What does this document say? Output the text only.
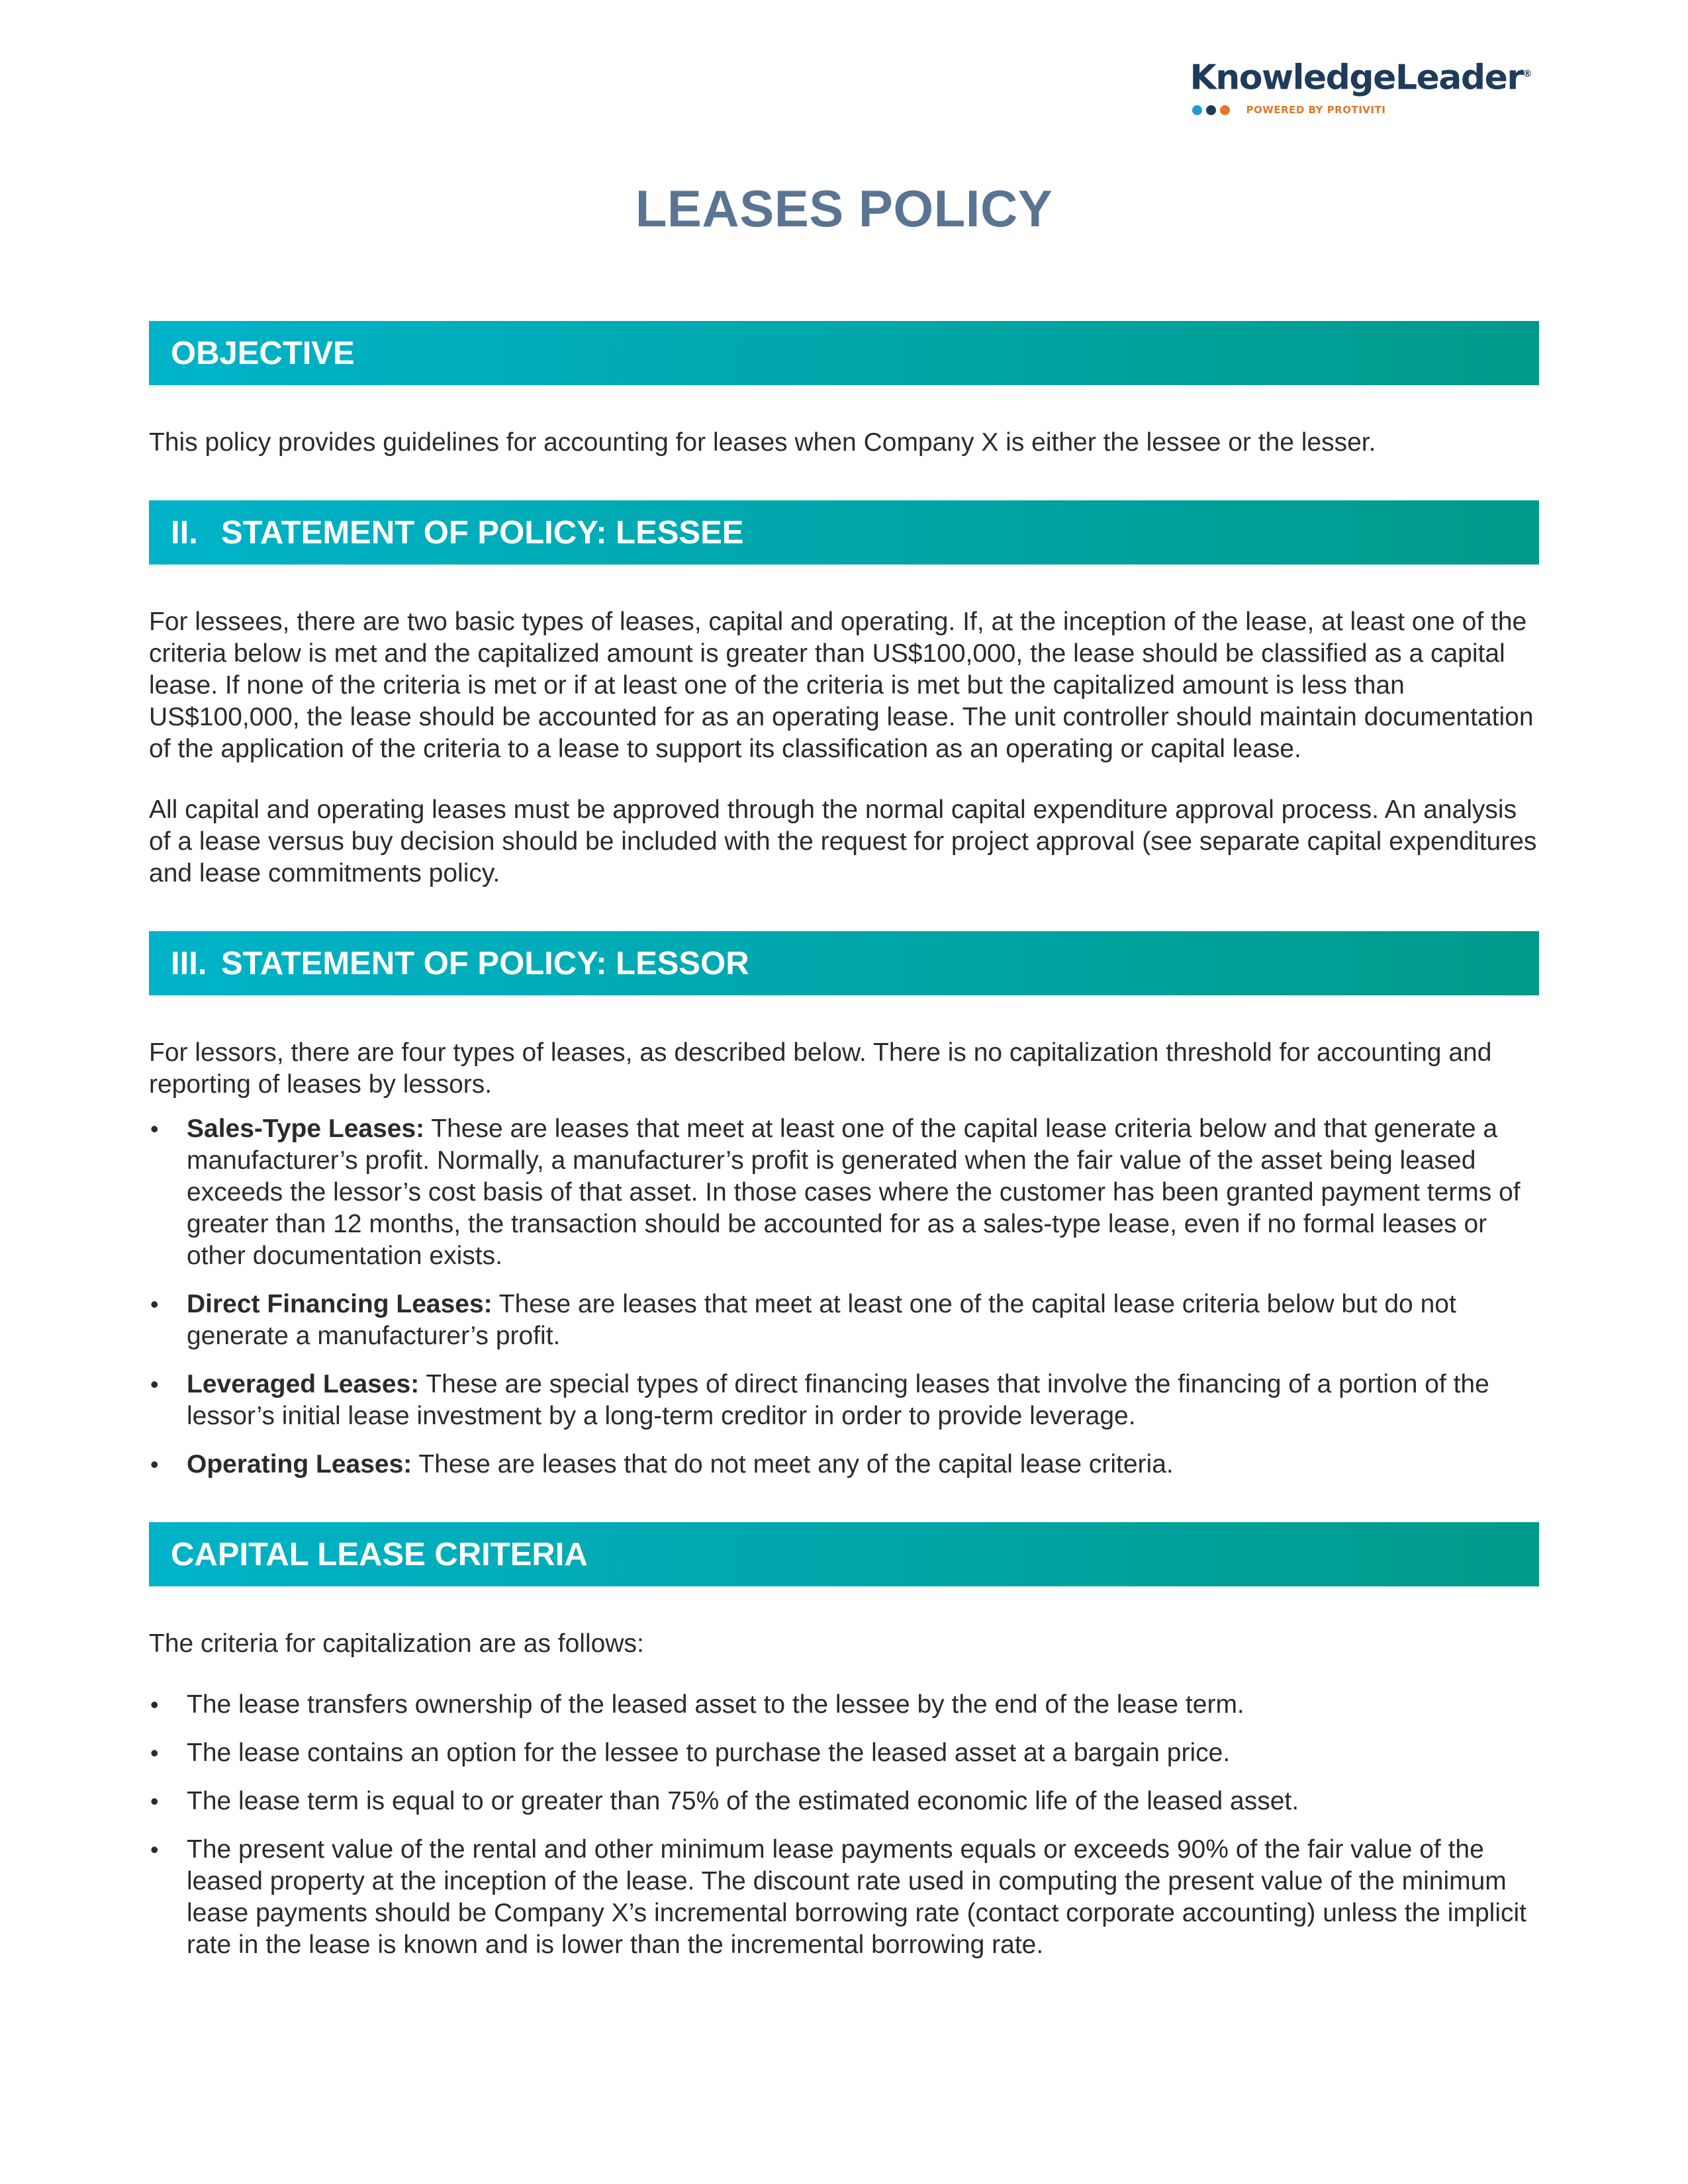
KnowledgeLeader®
POWERED BY PROTIVITI
LEASES POLICY
OBJECTIVE

This policy provides guidelines for accounting for leases when Company X is either the lessee or the lesser.

II. STATEMENT OF POLICY: LESSEE

For lessees, there are two basic types of leases, capital and operating. If, at the inception of the lease, at least one of the criteria below is met and the capitalized amount is greater than US$100,000, the lease should be classified as a capital lease. If none of the criteria is met or if at least one of the criteria is met but the capitalized amount is less than US$100,000, the lease should be accounted for as an operating lease. The unit controller should maintain documentation of the application of the criteria to a lease to support its classification as an operating or capital lease.

All capital and operating leases must be approved through the normal capital expenditure approval process. An analysis of a lease versus buy decision should be included with the request for project approval (see separate capital expenditures and lease commitments policy.

III. STATEMENT OF POLICY: LESSOR

For lessors, there are four types of leases, as described below. There is no capitalization threshold for accounting and reporting of leases by lessors.

• Sales-Type Leases: These are leases that meet at least one of the capital lease criteria below and that generate a manufacturer’s profit. Normally, a manufacturer’s profit is generated when the fair value of the asset being leased exceeds the lessor’s cost basis of that asset. In those cases where the customer has been granted payment terms of greater than 12 months, the transaction should be accounted for as a sales-type lease, even if no formal leases or other documentation exists.
• Direct Financing Leases: These are leases that meet at least one of the capital lease criteria below but do not generate a manufacturer’s profit.
• Leveraged Leases: These are special types of direct financing leases that involve the financing of a portion of the lessor’s initial lease investment by a long-term creditor in order to provide leverage.
• Operating Leases: These are leases that do not meet any of the capital lease criteria.
CAPITAL LEASE CRITERIA

The criteria for capitalization are as follows:

• The lease transfers ownership of the leased asset to the lessee by the end of the lease term.
• The lease contains an option for the lessee to purchase the leased asset at a bargain price.
• The lease term is equal to or greater than 75% of the estimated economic life of the leased asset.
• The present value of the rental and other minimum lease payments equals or exceeds 90% of the fair value of the leased property at the inception of the lease. The discount rate used in computing the present value of the minimum lease payments should be Company X’s incremental borrowing rate (contact corporate accounting) unless the implicit rate in the lease is known and is lower than the incremental borrowing rate.
